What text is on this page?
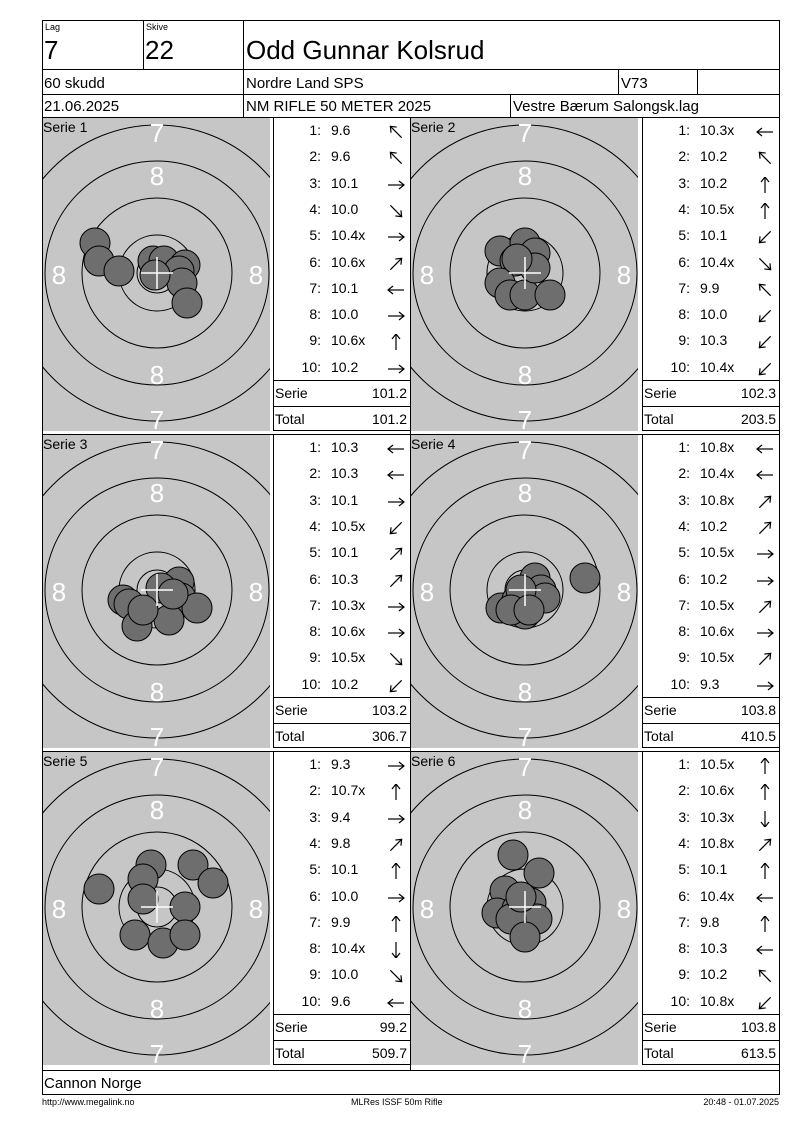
Lag
7
Skive
22	Odd Gunnar Kolsrud
60 skudd	Nordre Land SPS	V73
21.06.2025	NM RIFLE 50 METER 2025	Vestre Bærum Salongsk.lag
7
7
8
8
8	8
Serie 1	1: 9.6
2: 9.6
3: 10.1
4: 10.0
5: 10.4x
6: 10.6x
7: 10.1
8: 10.0
9: 10.6x
10: 10.2
Serie	101.2
Total	101.2
7
7
8
8
8	8
Serie 2	1: 10.3x
2: 10.2
3: 10.2
4: 10.5x
5: 10.1
6: 10.4x
7: 9.9
8: 10.0
9: 10.3
10: 10.4x
Serie	102.3
Total	203.5
7
7
8
8
8	8
Serie 3	1: 10.3
2: 10.3
3: 10.1
4: 10.5x
5: 10.1
6: 10.3
7: 10.3x
8: 10.6x
9: 10.5x
10: 10.2
Serie	103.2
Total	306.7
7
7
8
8
8	8
Serie 4	1: 10.8x
2: 10.4x
3: 10.8x
4: 10.2
5: 10.5x
6: 10.2
7: 10.5x
8: 10.6x
9: 10.5x
10: 9.3
Serie	103.8
Total	410.5
7
7
8
8
8	8
Serie 5	1: 9.3
2: 10.7x
3: 9.4
4: 9.8
5: 10.1
6: 10.0
7: 9.9
8: 10.4x
9: 10.0
10: 9.6
Serie	99.2
Total	509.7
7
7
8
8
8	8
Serie 6	1: 10.5x
2: 10.6x
3: 10.3x
4: 10.8x
5: 10.1
6: 10.4x
7: 9.8
8: 10.3
9: 10.2
10: 10.8x
Serie	103.8
Total	613.5
Cannon Norge
http://www.megalink.no	MLRes ISSF 50m Rifle	20:48 - 01.07.2025
